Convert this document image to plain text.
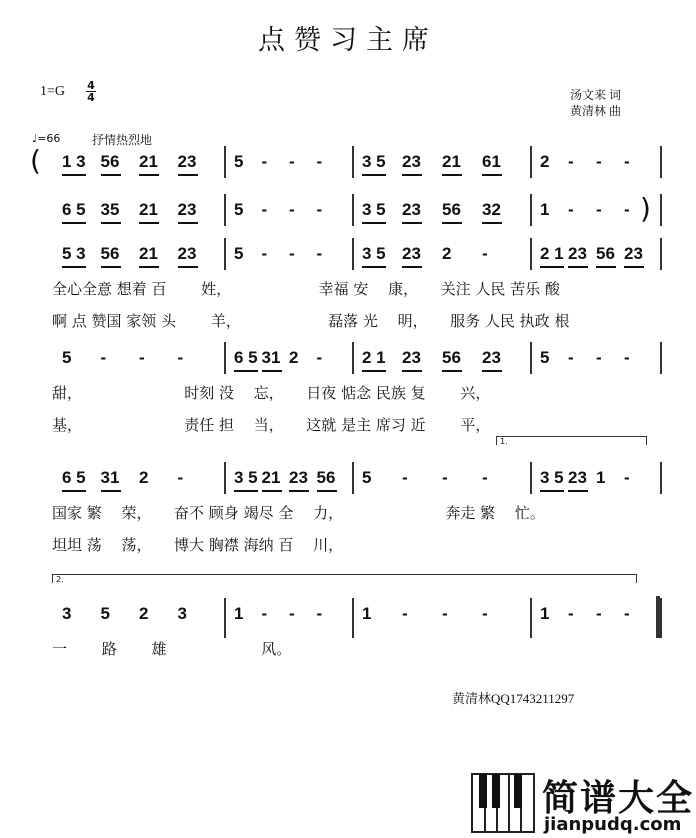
点赞习主席
1=G 4
4	汤文来 词
黄清林 曲
♩=66	抒情热烈地
( 1 3 56 21 23 5 - - - 3 5 23 21 61 2 - - -
)
6 5 35 21 23 5 - - - 3 5 23 56 32 1 - - -
5 3 56 21 23 5 - - - 3 5 23 2 -	2 1 23 56 23
全心全意 想着 百　　 姓，　　　　　　 幸福 安　 康，　　关注 人民 苦乐 酸
啊 点 赞国 家领 头　　 羊，　　　　　　 磊落 光　 明，　　服务 人民 执政 根
5 - - -	6 5 31 2 - 2 1 23 56 23 5 - - -
甜，　　　　　　　 时刻 没　 忘，　　日夜 惦念 民族 复　　 兴，
基，　　　　　　　 责任 担　 当，　　这就 是主 席习 近　　 平，
6 5 31 2 -	3 5 21 23 56 5 - - -	3 5 23 1 -
1.
国家 繁　 荣，　　奋不 顾身 竭尽 全　 力，　　　　　　　 奔走 繁　 忙。
坦坦 荡　 荡，　　博大 胸襟 海纳 百　 川，
3 5 2 3	1 - - - 1 - - -	1 - - -
2.
一　　 路　　 雄　　　　　　 风。
黄清林QQ1743211297
简谱大全
jianpudq.com
